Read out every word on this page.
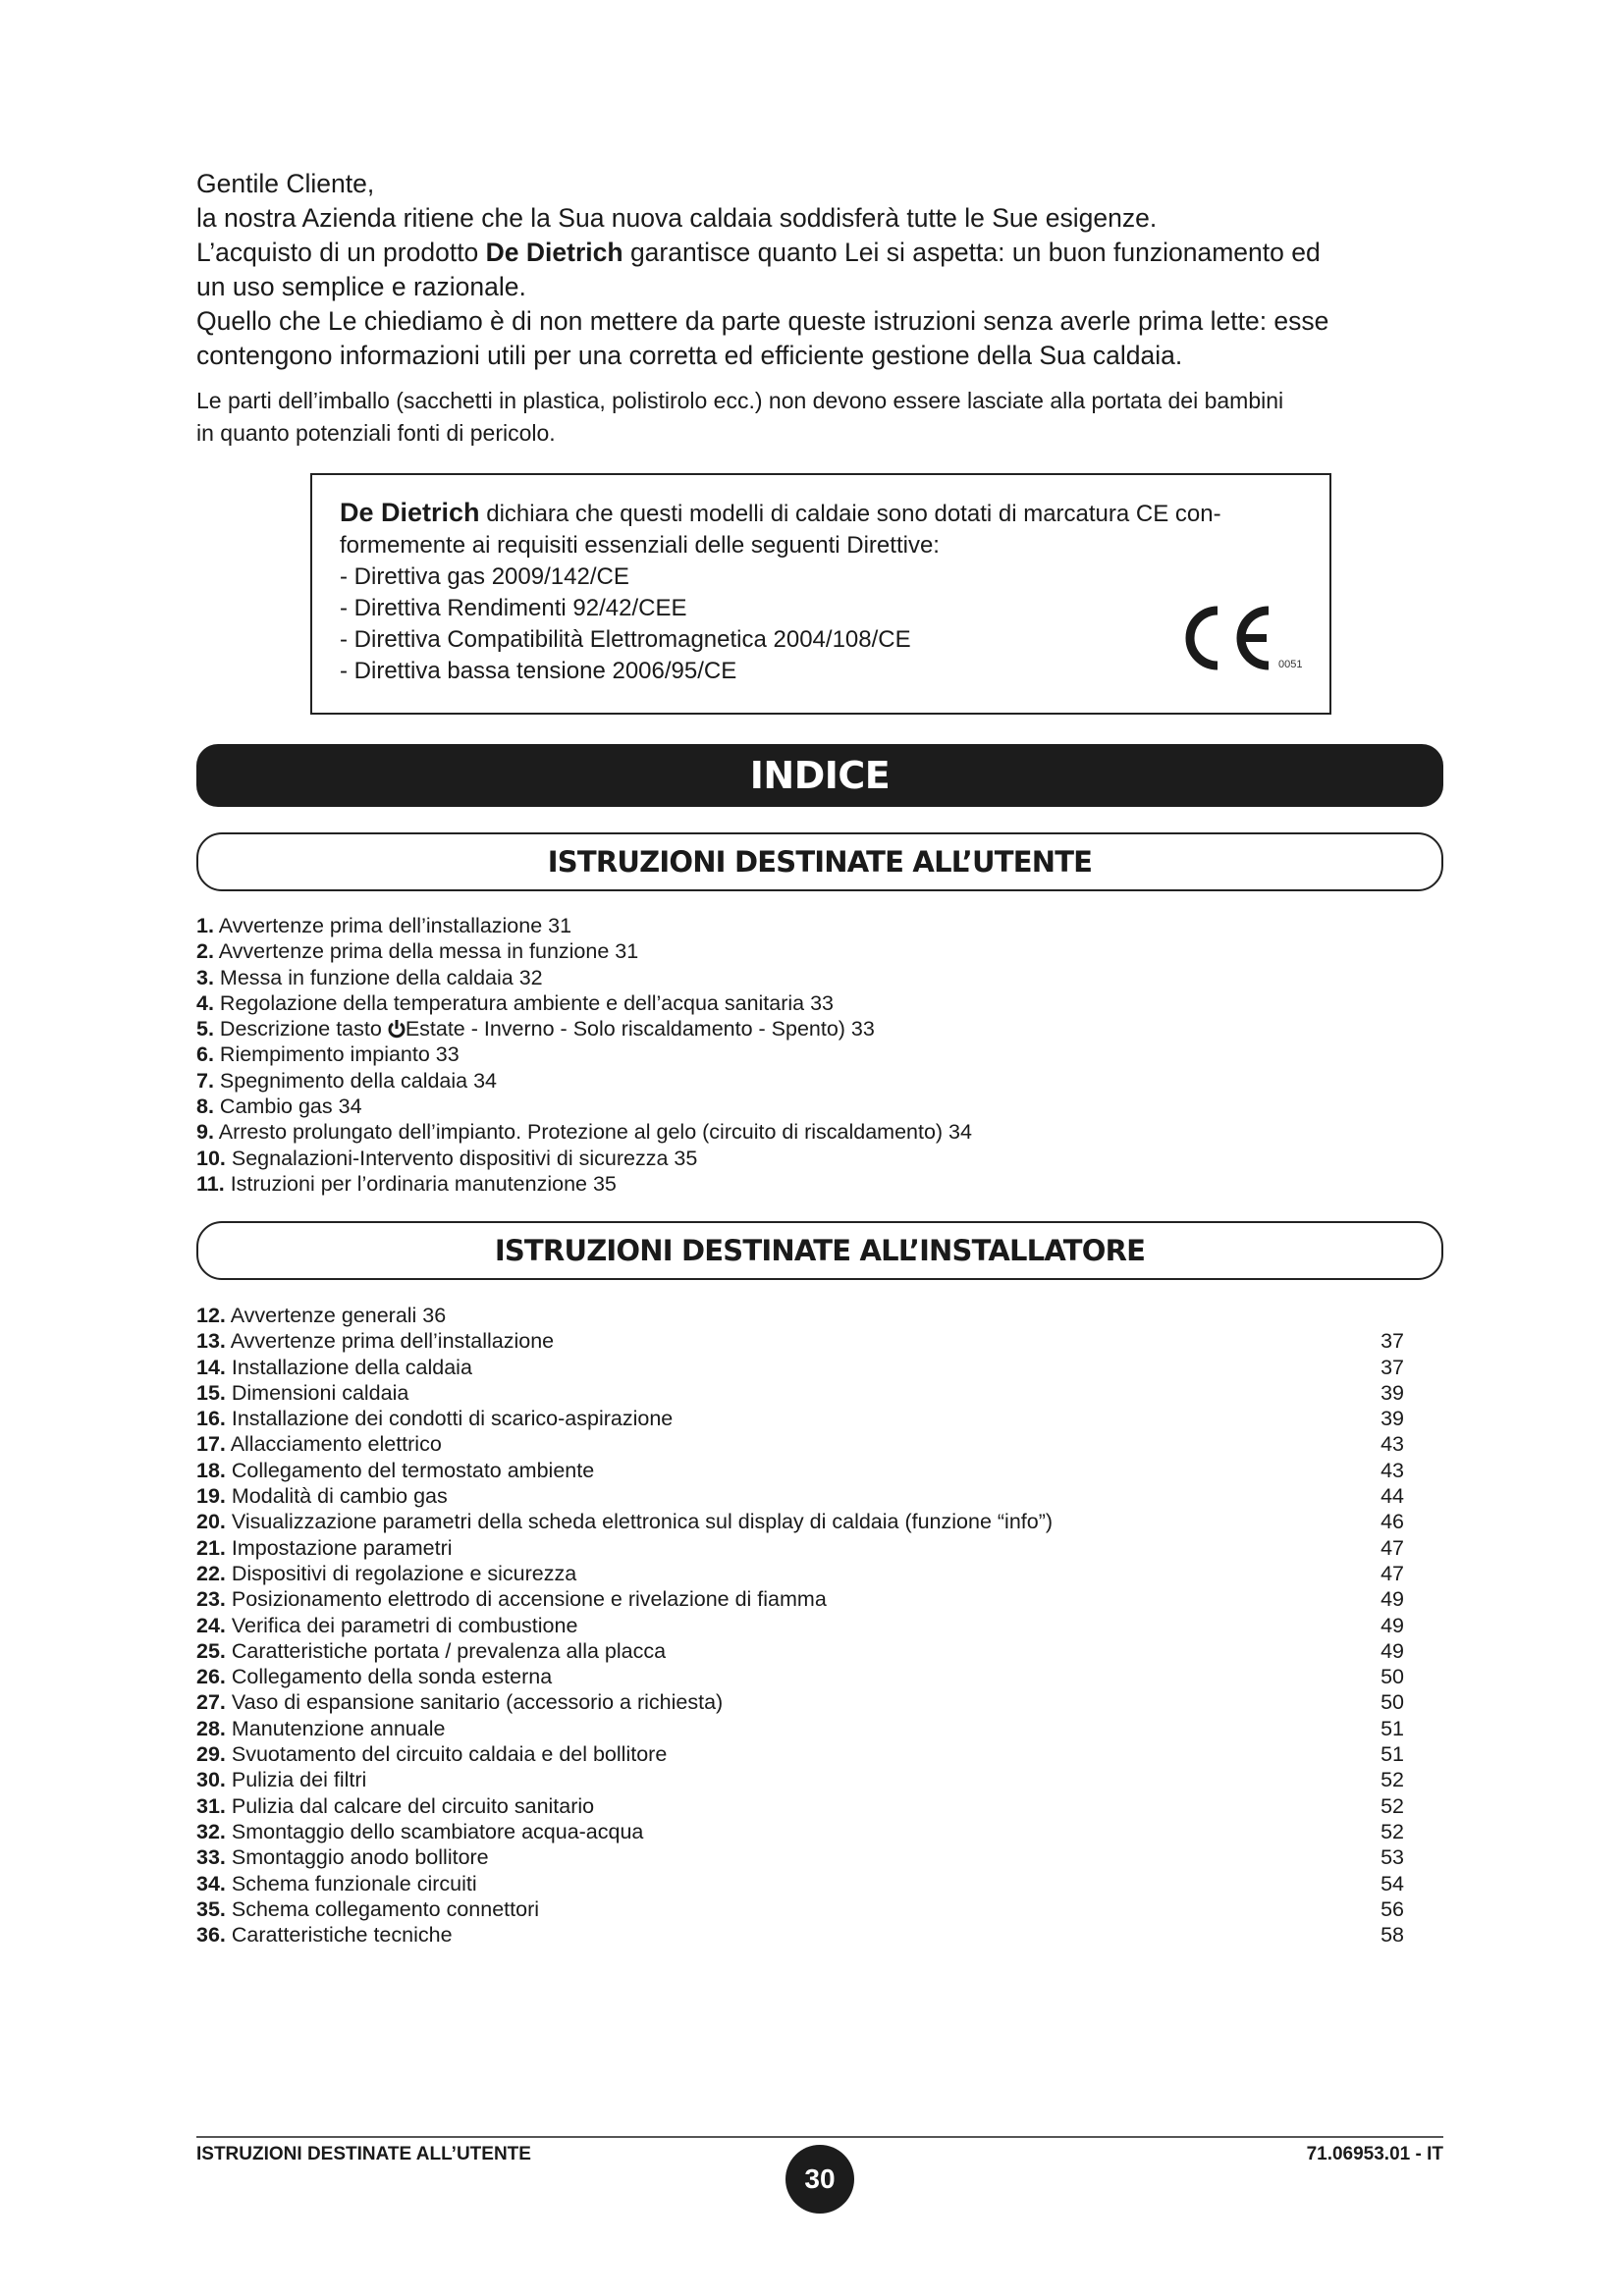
Gentile Cliente,

la nostra Azienda ritiene che la Sua nuova caldaia soddisferà tutte le Sue esigenze.

L’acquisto di un prodotto De Dietrich garantisce quanto Lei si aspetta: un buon funzionamento ed

un uso semplice e razionale.

Quello che Le chiediamo è di non mettere da parte queste istruzioni senza averle prima lette: esse

contengono informazioni utili per una corretta ed efficiente gestione della Sua caldaia.

Le parti dell’imballo (sacchetti in plastica, polistirolo ecc.) non devono essere lasciate alla portata dei bambini
in quanto potenziali fonti di pericolo.

De Dietrich dichiara che questi modelli di caldaie sono dotati di marcatura CE con-

formemente ai requisiti essenziali delle seguenti Direttive:

- Direttiva gas 2009/142/CE

- Direttiva Rendimenti 92/42/CEE

- Direttiva Compatibilità Elettromagnetica 2004/108/CE

- Direttiva bassa tensione 2006/95/CE	0051
INDICE
ISTRUZIONI DESTINATE ALL’UTENTE
1. Avvertenze prima dell’installazione 31
2. Avvertenze prima della messa in funzione 31
3. Messa in funzione della caldaia 32
4. Regolazione della temperatura ambiente e dell’acqua sanitaria 33
5. Descrizione tasto Estate - Inverno - Solo riscaldamento - Spento) 33
6. Riempimento impianto 33
7. Spegnimento della caldaia 34
8. Cambio gas 34
9. Arresto prolungato dell’impianto. Protezione al gelo (circuito di riscaldamento) 34
10. Segnalazioni-Intervento dispositivi di sicurezza 35
11. Istruzioni per l’ordinaria manutenzione 35
ISTRUZIONI DESTINATE ALL’INSTALLATORE
12. Avvertenze generali 36
13. Avvertenze prima dell’installazione	37
14. Installazione della caldaia	37
15. Dimensioni caldaia	39
16. Installazione dei condotti di scarico-aspirazione	39
17. Allacciamento elettrico	43
18. Collegamento del termostato ambiente	43
19. Modalità di cambio gas	44
20. Visualizzazione parametri della scheda elettronica sul display di caldaia (funzione “info”)	46
21. Impostazione parametri	47
22. Dispositivi di regolazione e sicurezza	47
23. Posizionamento elettrodo di accensione e rivelazione di fiamma	49
24. Verifica dei parametri di combustione	49
25. Caratteristiche portata / prevalenza alla placca	49
26. Collegamento della sonda esterna	50
27. Vaso di espansione sanitario (accessorio a richiesta)	50
28. Manutenzione annuale	51
29. Svuotamento del circuito caldaia e del bollitore	51
30. Pulizia dei filtri	52
31. Pulizia dal calcare del circuito sanitario	52
32. Smontaggio dello scambiatore acqua-acqua	52
33. Smontaggio anodo bollitore	53
34. Schema funzionale circuiti	54
35. Schema collegamento connettori	56
36. Caratteristiche tecniche	58
ISTRUZIONI DESTINATE ALL’UTENTE
30
71.06953.01 - IT
